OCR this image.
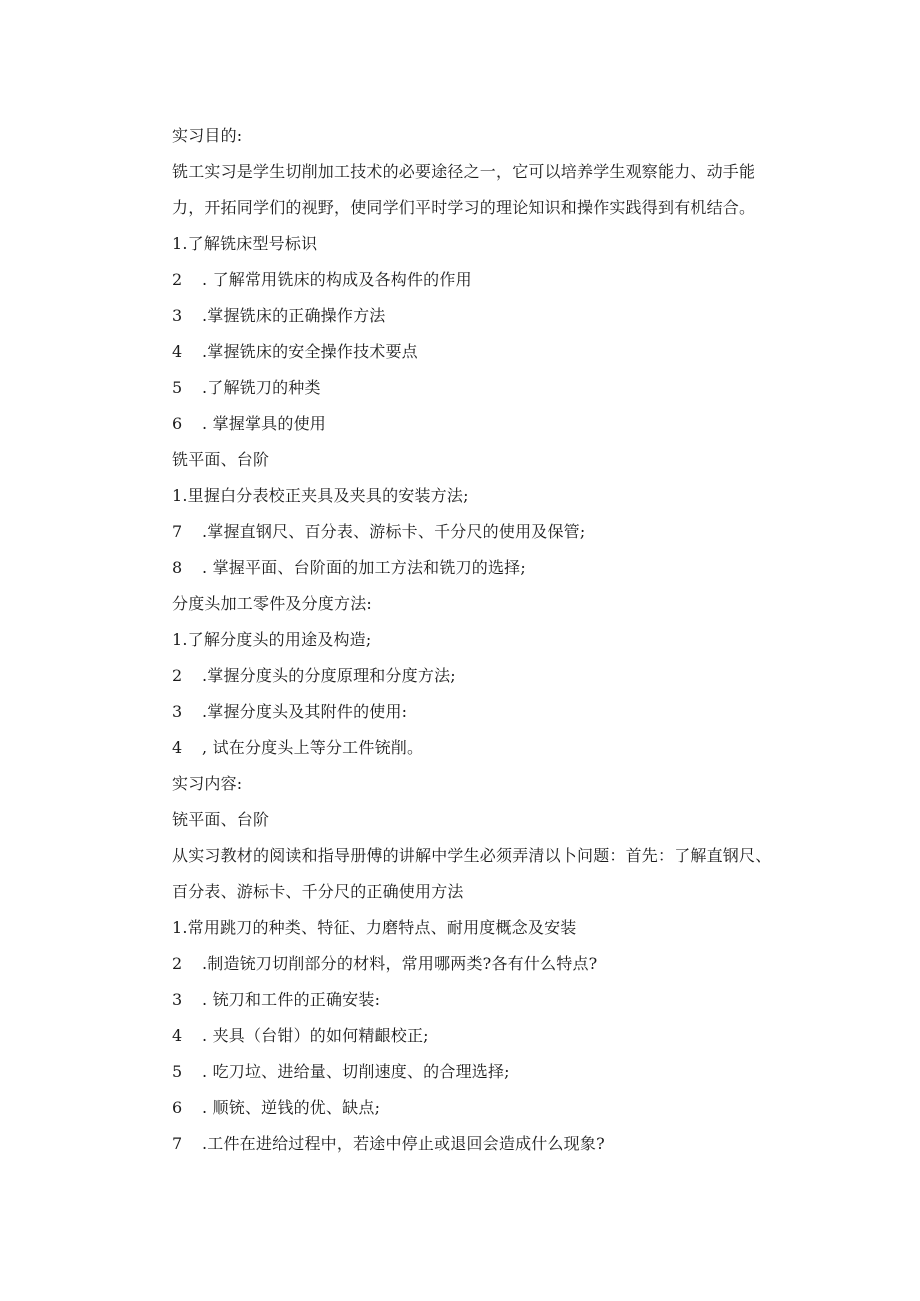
实习目的:
铣工实习是学生切削加工技术的必要途径之一，它可以培养学生观察能力、动手能力，开拓同学们的视野，使同学们平时学习的理论知识和操作实践得到有机结合。
1.了解铣床型号标识
2 . 了解常用铣床的构成及各构件的作用
3 .掌握铣床的正确操作方法
4 .掌握铣床的安全操作技术要点
5 .了解铣刀的种类
6 . 掌握掌具的使用
铣平面、台阶
1.里握白分表校正夹具及夹具的安装方法;
7 .掌握直钢尺、百分表、游标卡、千分尺的使用及保管;
8 . 掌握平面、台阶面的加工方法和铣刀的选择;
分度头加工零件及分度方法:
1.了解分度头的用途及构造;
2 .掌握分度头的分度原理和分度方法;
3 .掌握分度头及其附件的使用:
4 , 试在分度头上等分工件铳削。
实习内容:
铳平面、台阶
从实习教材的阅读和指导册傅的讲解中学生必须弄清以卜问题：首先：了解直钢尺、百分表、游标卡、千分尺的正确使用方法
1.常用跳刀的种类、特征、力磨特点、耐用度概念及安装
2 .制造铳刀切削部分的材料，常用哪两类?各有什么特点?
3 . 铳刀和工件的正确安装:
4 . 夹具（台钳）的如何精齦校正;
5 . 吃刀垃、进给量、切削速度、的合理选择;
6 . 顺铳、逆钱的优、缺点;
7 .工件在进给过程中，若途中停止或退回会造成什么现象?
